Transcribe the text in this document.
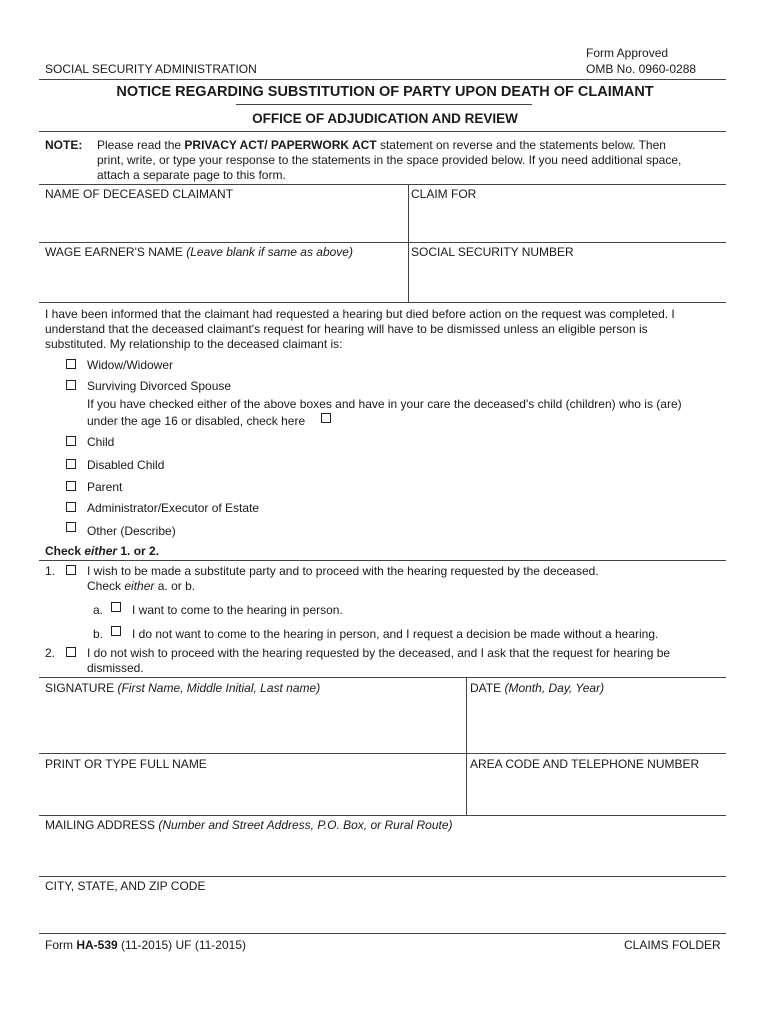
Form Approved
SOCIAL SECURITY ADMINISTRATION	OMB No. 0960-0288
NOTICE REGARDING SUBSTITUTION OF PARTY UPON DEATH OF CLAIMANT
OFFICE OF ADJUDICATION AND REVIEW
NOTE: Please read the PRIVACY ACT/ PAPERWORK ACT statement on reverse and the statements below. Then
print, write, or type your response to the statements in the space provided below. If you need additional space,
attach a separate page to this form.
NAME OF DECEASED CLAIMANT	CLAIM FOR
WAGE EARNER'S NAME (Leave blank if same as above)	SOCIAL SECURITY NUMBER
I have been informed that the claimant had requested a hearing but died before action on the request was completed. I
understand that the deceased claimant's request for hearing will have to be dismissed unless an eligible person is
substituted. My relationship to the deceased claimant is:
Widow/Widower
Surviving Divorced Spouse
If you have checked either of the above boxes and have in your care the deceased's child (children) who is (are)
under the age 16 or disabled, check here
Child
Disabled Child
Parent
Administrator/Executor of Estate
Other (Describe)
Check either 1. or 2.
1.	I wish to be made a substitute party and to proceed with the hearing requested by the deceased.
Check either a. or b.
a. I want to come to the hearing in person.
b. I do not want to come to the hearing in person, and I request a decision be made without a hearing.
2.	I do not wish to proceed with the hearing requested by the deceased, and I ask that the request for hearing be
dismissed.
SIGNATURE (First Name, Middle Initial, Last name)	DATE (Month, Day, Year)
PRINT OR TYPE FULL NAME	AREA CODE AND TELEPHONE NUMBER
MAILING ADDRESS (Number and Street Address, P.O. Box, or Rural Route)
CITY, STATE, AND ZIP CODE
Form HA-539 (11-2015) UF (11-2015)	CLAIMS FOLDER
